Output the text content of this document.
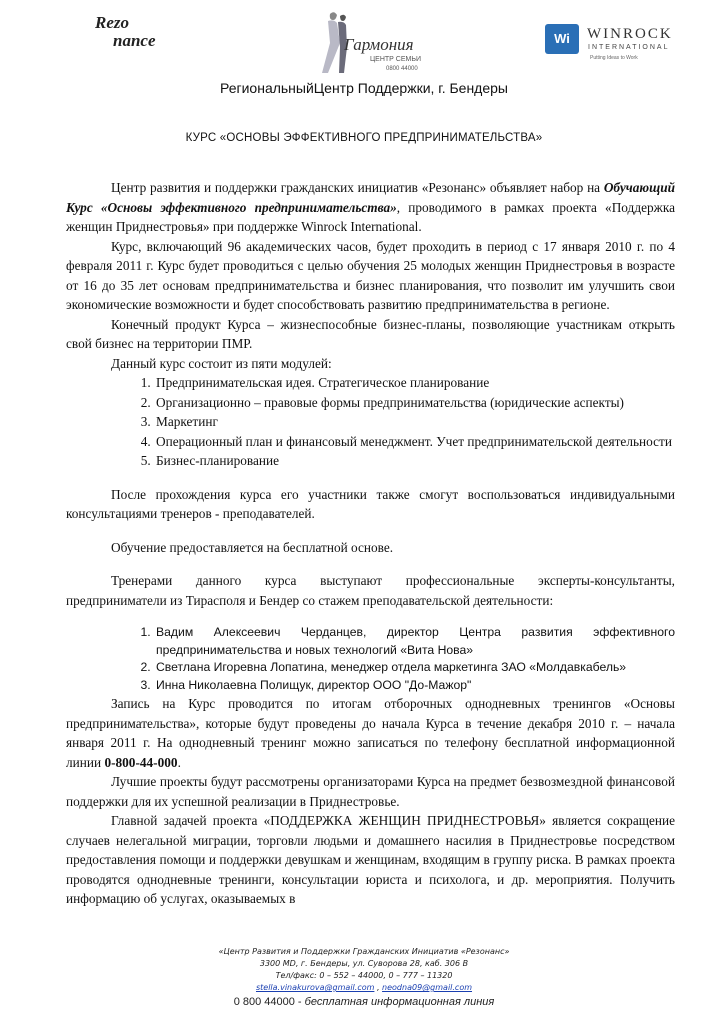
Rezo
nance	Гармония
ЦЕНТР СЕМЬИ
0800 44000
Wi	WINROCK
INTERNATIONAL
Putting Ideas to Work
РегиональныйЦентр Поддержки, г. Бендеры
КУРС «ОСНОВЫ ЭФФЕКТИВНОГО ПРЕДПРИНИМАТЕЛЬСТВА»

Центр развития и поддержки гражданских инициатив «Резонанс» объявляет набор на Обучающий Курс «Основы эффективного предпринимательства», проводимого в рамках проекта «Поддержка женщин Приднестровья» при поддержке Winrock International.

Курс, включающий 96 академических часов, будет проходить в период с 17 января 2010 г. по 4 февраля 2011 г. Курс будет проводиться с целью обучения 25 молодых женщин Приднестровья в возрасте от 16 до 35 лет основам предпринимательства и бизнес планирования, что позволит им улучшить свои экономические возможности и будет способствовать развитию предпринимательства в регионе.

Конечный продукт Курса – жизнеспособные бизнес-планы, позволяющие участникам открыть свой бизнес на территории ПМР.

Данный курс состоит из пяти модулей:

1. Предпринимательская идея. Стратегическое планирование
2. Организационно – правовые формы предпринимательства (юридические аспекты)
3. Маркетинг
4. Операционный план и финансовый менеджмент. Учет предпринимательской деятельности
5. Бизнес-планирование

После прохождения курса его участники также смогут воспользоваться индивидуальными консультациями тренеров - преподавателей.

Обучение предоставляется на бесплатной основе.

Тренерами данного курса выступают профессиональные эксперты-консультанты, предприниматели из Тирасполя и Бендер со стажем преподавательской деятельности:

1. Вадим Алексеевич Черданцев, директор Центра развития эффективного предпринимательства и новых технологий «Вита Нова»
2. Светлана Игоревна Лопатина, менеджер отдела маркетинга ЗАО «Молдавкабель»
3. Инна Николаевна Полищук, директор ООО "До-Мажор"

Запись на Курс проводится по итогам отборочных однодневных тренингов «Основы предпринимательства», которые будут проведены до начала Курса в течение декабря 2010 г. – начала января 2011 г. На однодневный тренинг можно записаться по телефону бесплатной информационной линии 0-800-44-000.

Лучшие проекты будут рассмотрены организаторами Курса на предмет безвозмездной финансовой поддержки для их успешной реализации в Приднестровье.

Главной задачей проекта «ПОДДЕРЖКА ЖЕНЩИН ПРИДНЕСТРОВЬЯ» является сокращение случаев нелегальной миграции, торговли людьми и домашнего насилия в Приднестровье посредством предоставления помощи и поддержки девушкам и женщинам, входящим в группу риска. В рамках проекта проводятся однодневные тренинги, консультации юриста и психолога, и др. мероприятия. Получить информацию об услугах, оказываемых в

«Центр Развития и Поддержки Гражданских Инициатив «Резонанс»
3300 MD, г. Бендеры, ул. Суворова 28, каб. 306 В
Тел/факс: 0 – 552 – 44000, 0 – 777 – 11320
stella.vinakurova@gmail.com , neodna09@gmail.com
0 800 44000 - бесплатная информационная линия
